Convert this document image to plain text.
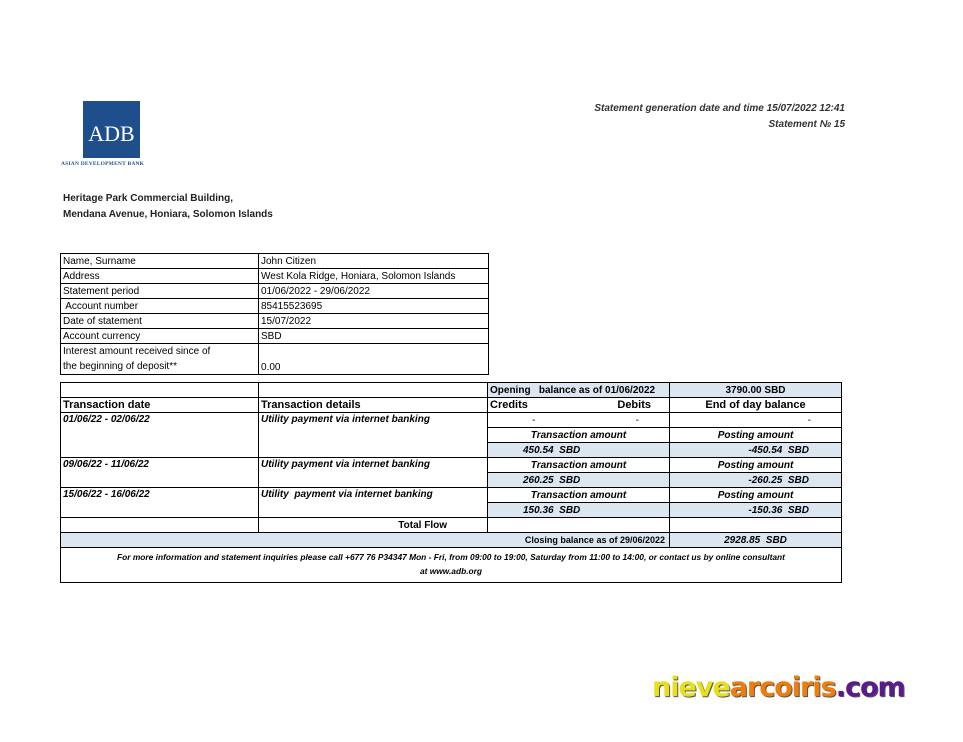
ADB
ASIAN DEVELOPMENT BANK
Heritage Park Commercial Building,
Mendana Avenue, Honiara, Solomon Islands
Statement generation date and time 15/07/2022 12:41
Statement № 15
Name, Surname	John Citizen
Address	West Kola Ridge, Honiara, Solomon Islands
Statement period	01/06/2022 - 29/06/2022
Account number	85415523695
Date of statement	15/07/2022
Account currency	SBD

Interest amount received since of
the beginning of deposit**	0.00
		Opening   balance as of 01/06/2022		3790.00 SBD
Transaction date	Transaction details	Credits	Debits	End of day balance
01/06/22 - 02/06/22	Utility payment via internet banking	-	-	-
		Transaction amount		Posting amount
		450.54  SBD		-450.54  SBD
09/06/22 - 11/06/22	Utility payment via internet banking	Transaction amount		Posting amount
		260.25  SBD		-260.25  SBD
15/06/22 - 16/06/22	Utility  payment via internet banking	Transaction amount		Posting amount
		150.36  SBD		-150.36  SBD
	Total Flow			
Closing balance as of 29/06/2022				2928.85  SBD

For more information and statement inquiries please call +677 76 P34347 Mon - Fri, from 09:00 to 19:00, Saturday from 11:00 to 14:00, or contact us by online consultant
at www.adb.org				
nievearcoiris.com
